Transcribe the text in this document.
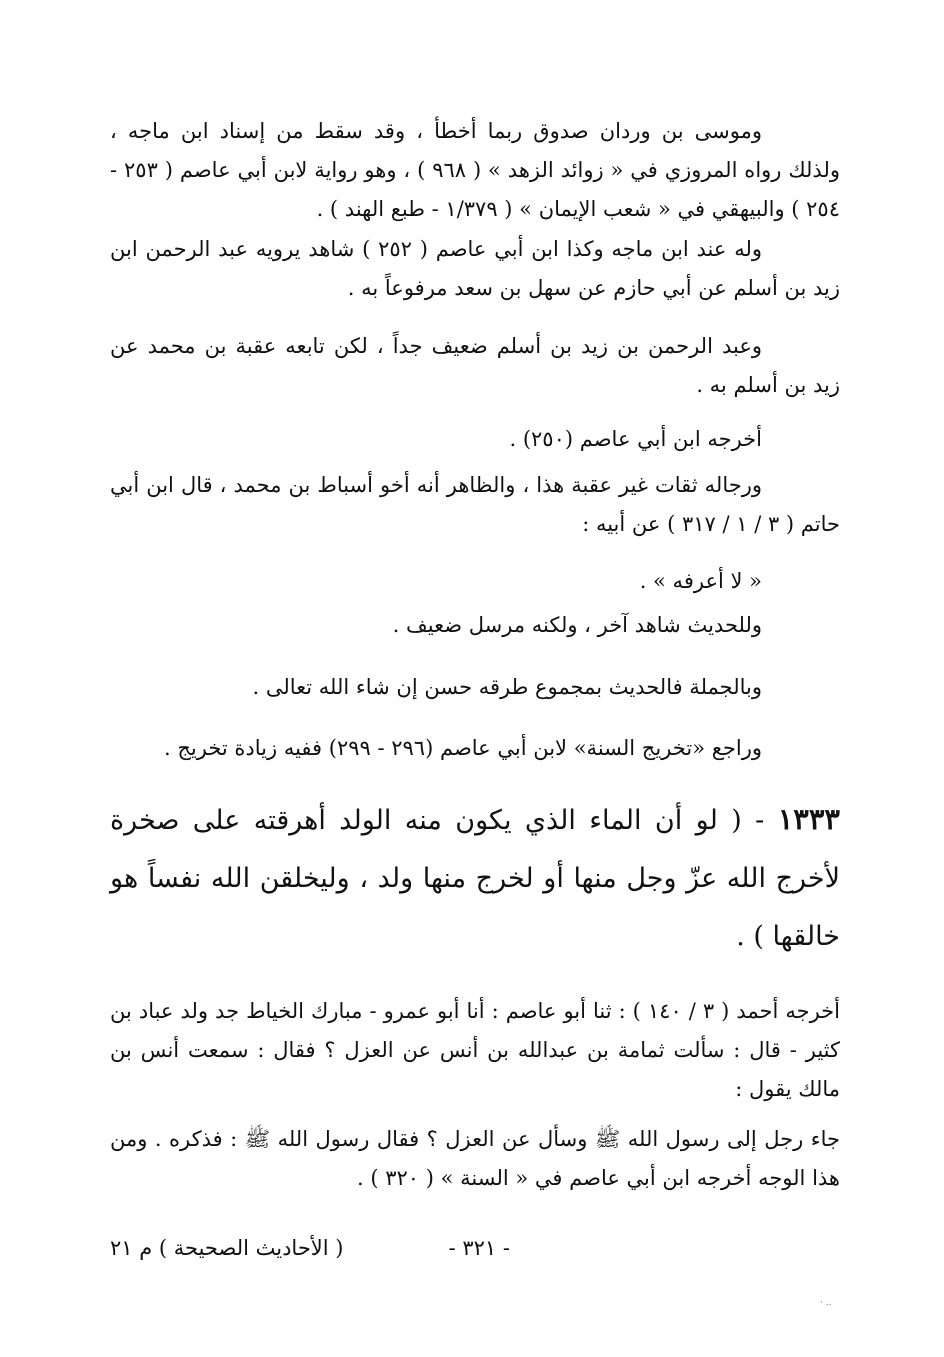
وموسى بن وردان صدوق ربما أخطأ ، وقد سقط من إسناد ابن ماجه ، ولذلك رواه المروزي في « زوائد الزهد » ( ٩٦٨ ) ، وهو رواية لابن أبي عاصم ( ٢٥٣ - ٢٥٤ ) والبيهقي في « شعب الإيمان » ( ١/٣٧٩ - طبع الهند ) .

وله عند ابن ماجه وكذا ابن أبي عاصم ( ٢٥٢ ) شاهد يرويه عبد الرحمن ابن زيد بن أسلم عن أبي حازم عن سهل بن سعد مرفوعاً به .

وعبد الرحمن بن زيد بن أسلم ضعيف جداً ، لكن تابعه عقبة بن محمد عن زيد بن أسلم به .

أخرجه ابن أبي عاصم (٢٥٠) .

ورجاله ثقات غير عقبة هذا ، والظاهر أنه أخو أسباط بن محمد ، قال ابن أبي حاتم ( ٣ / ١ / ٣١٧ ) عن أبيه :

« لا أعرفه » .

وللحديث شاهد آخر ، ولكنه مرسل ضعيف .

وبالجملة فالحديث بمجموع طرقه حسن إن شاء الله تعالى .

وراجع «تخريج السنة» لابن أبي عاصم (٢٩٦ - ٢٩٩) ففيه زيادة تخريج .

١٣٣٣ - ( لو أن الماء الذي يكون منه الولد أهرقته على صخرة لأخرج الله عزّ وجل منها أو لخرج منها ولد ، وليخلقن الله نفساً هو خالقها ) .

أخرجه أحمد ( ٣ / ١٤٠ ) : ثنا أبو عاصم : أنا أبو عمرو - مبارك الخياط جد ولد عباد بن كثير - قال : سألت ثمامة بن عبدالله بن أنس عن العزل ؟ فقال : سمعت أنس بن مالك يقول :

جاء رجل إلى رسول الله ﷺ وسأل عن العزل ؟ فقال رسول الله ﷺ : فذكره . ومن هذا الوجه أخرجه ابن أبي عاصم في « السنة » ( ٣٢٠ ) .

- ٣٢١ -
( الأحاديث الصحيحة ) م ٢١
.. ·
